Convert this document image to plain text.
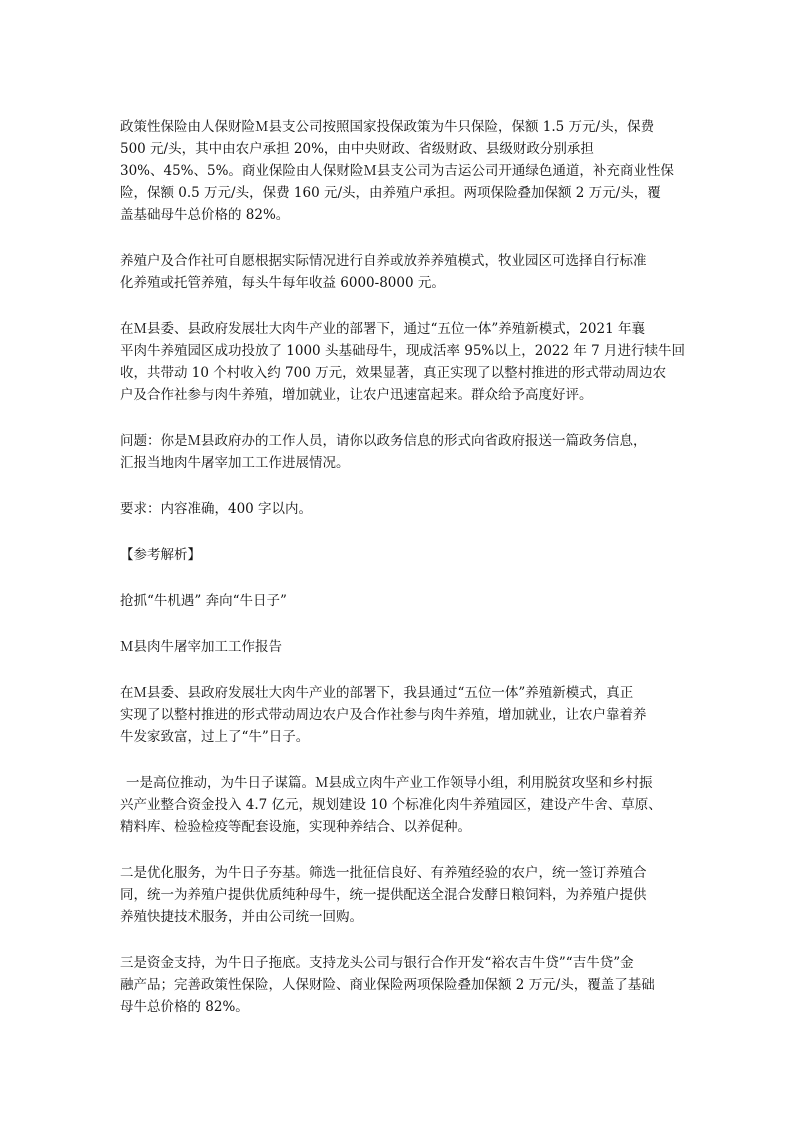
政策性保险由人保财险Ｍ县支公司按照国家投保政策为牛只保险，保额 1.5 万元/头，保费
500 元/头，其中由农户承担 20%，由中央财政、省级财政、县级财政分别承担
30%、45%、5%。商业保险由人保财险Ｍ县支公司为吉运公司开通绿色通道，补充商业性保
险，保额 0.5 万元/头，保费 160 元/头，由养殖户承担。两项保险叠加保额 2 万元/头，覆
盖基础母牛总价格的 82%。

养殖户及合作社可自愿根据实际情况进行自养或放养养殖模式，牧业园区可选择自行标准
化养殖或托管养殖，每头牛每年收益 6000-8000 元。

在Ｍ县委、县政府发展壮大肉牛产业的部署下，通过“五位一体”养殖新模式，2021 年襄
平肉牛养殖园区成功投放了 1000 头基础母牛，现成活率 95%以上，2022 年 7 月进行犊牛回
收，共带动 10 个村收入约 700 万元，效果显著，真正实现了以整村推进的形式带动周边农
户及合作社参与肉牛养殖，增加就业，让农户迅速富起来。群众给予高度好评。

问题：你是Ｍ县政府办的工作人员，请你以政务信息的形式向省政府报送一篇政务信息，
汇报当地肉牛屠宰加工工作进展情况。

要求：内容准确，400 字以内。

【参考解析】

抢抓“牛机遇” 奔向“牛日子”

Ｍ县肉牛屠宰加工工作报告

在Ｍ县委、县政府发展壮大肉牛产业的部署下，我县通过“五位一体”养殖新模式，真正
实现了以整村推进的形式带动周边农户及合作社参与肉牛养殖，增加就业，让农户靠着养
牛发家致富，过上了“牛”日子。

一是高位推动，为牛日子谋篇。Ｍ县成立肉牛产业工作领导小组，利用脱贫攻坚和乡村振
兴产业整合资金投入 4.7 亿元，规划建设 10 个标准化肉牛养殖园区，建设产牛舍、草原、
精料库、检验检疫等配套设施，实现种养结合、以养促种。

二是优化服务，为牛日子夯基。筛选一批征信良好、有养殖经验的农户，统一签订养殖合
同，统一为养殖户提供优质纯种母牛，统一提供配送全混合发酵日粮饲料，为养殖户提供
养殖快捷技术服务，并由公司统一回购。

三是资金支持，为牛日子拖底。支持龙头公司与银行合作开发“裕农吉牛贷”“吉牛贷”金
融产品；完善政策性保险，人保财险、商业保险两项保险叠加保额 2 万元/头，覆盖了基础
母牛总价格的 82%。
